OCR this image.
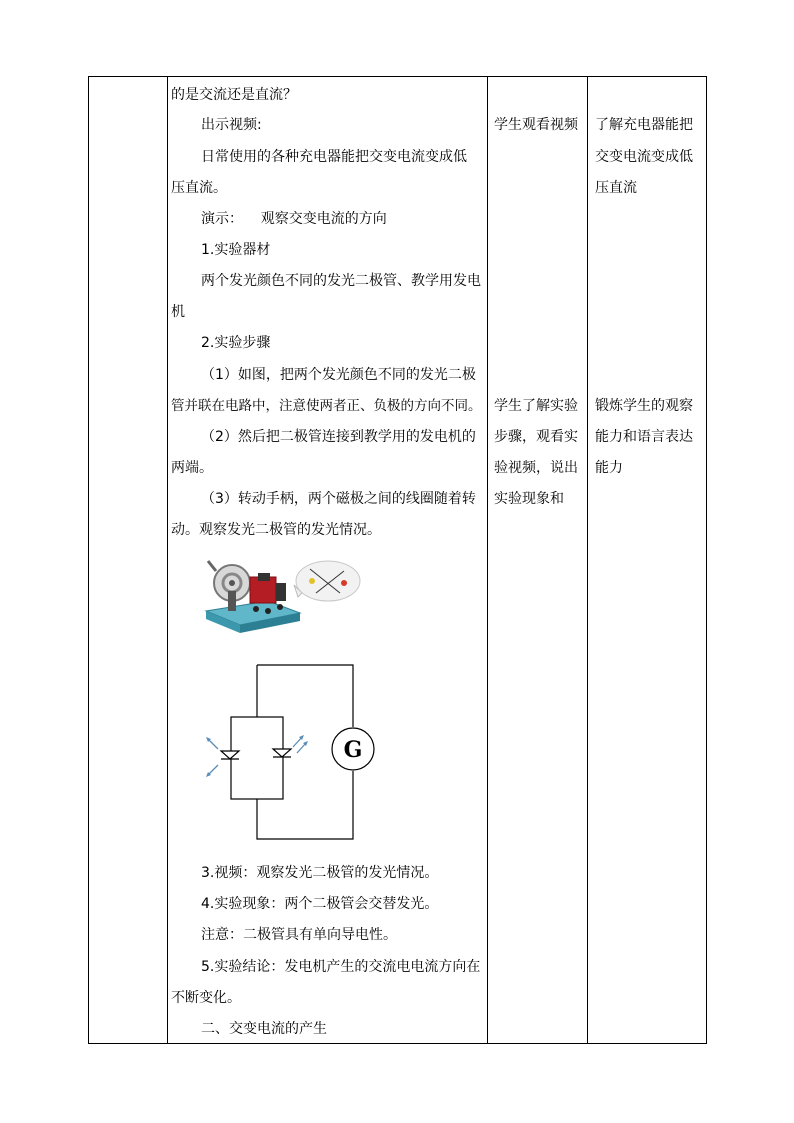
的是交流还是直流？
出示视频:
日常使用的各种充电器能把交变电流变成低
压直流。
演示：    观察交变电流的方向
1.实验器材
两个发光颜色不同的发光二极管、教学用发电
机
2.实验步骤
（1）如图，把两个发光颜色不同的发光二极
管并联在电路中，注意使两者正、负极的方向不同。
（2）然后把二极管连接到教学用的发电机的
两端。
（3）转动手柄，两个磁极之间的线圈随着转
动。观察发光二极管的发光情况。
G
3.视频：观察发光二极管的发光情况。
4.实验现象：两个二极管会交替发光。
注意：二极管具有单向导电性。
5.实验结论：发电机产生的交流电电流方向在
不断变化。
二、交变电流的产生
学生观看视频
学生了解实验
步骤，观看实
验视频，说出
实验现象和
了解充电器能把
交变电流变成低
压直流
锻炼学生的观察
能力和语言表达
能力
